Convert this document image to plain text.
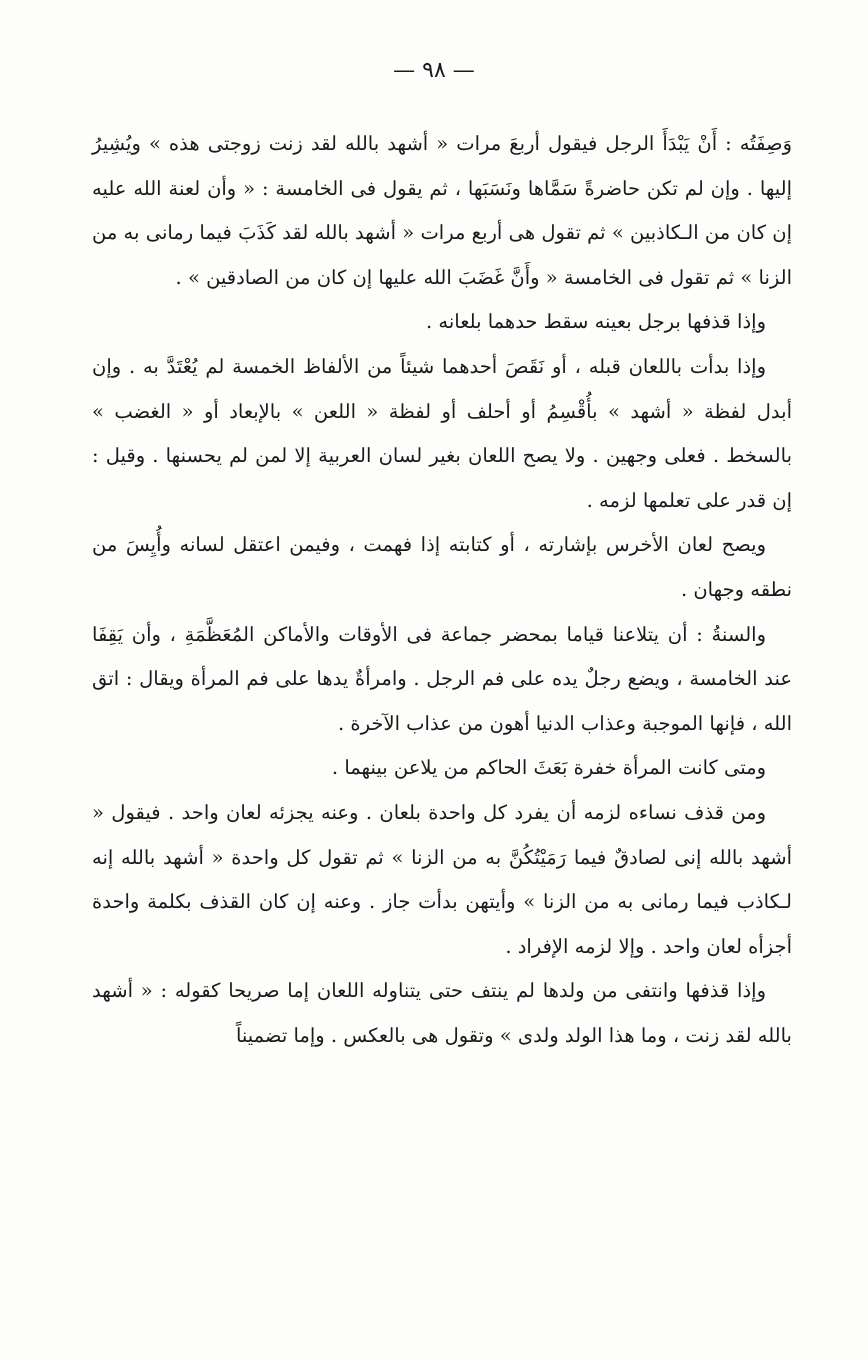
— ٩٨ —

وَصِفَتُه : أَنْ يَبْدَأَ الرجل فيقول أربعَ مرات « أشهد بالله لقد زنت زوجتى هذه » ويُشِيرُ إليها . وإن لم تكن حاضرةً سَمَّاها ونَسَبَها ، ثم يقول فى الخامسة : « وأن لعنة الله عليه إن كان من الـكاذبين » ثم تقول هى أربع مرات « أشهد بالله لقد كَذَبَ فيما رمانى به من الزنا » ثم تقول فى الخامسة « وأَنَّ غَضَبَ الله عليها إن كان من الصادقين » .

وإذا قذفها برجل بعينه سقط حدهما بلعانه .

وإذا بدأت باللعان قبله ، أو نَقَصَ أحدهما شيئاً من الألفاظ الخمسة لم يُعْتَدَّ به . وإن أبدل لفظة « أشهد » بأُقْسِمُ أو أحلف أو لفظة « اللعن » بالإبعاد أو « الغضب » بالسخط . فعلى وجهين . ولا يصح اللعان بغير لسان العربية إلا لمن لم يحسنها . وقيل : إن قدر على تعلمها لزمه .

ويصح لعان الأخرس بإشارته ، أو كتابته إذا فهمت ، وفيمن اعتقل لسانه وأُيِسَ من نطقه وجهان .

والسنةُ : أن يتلاعنا قياما بمحضر جماعة فى الأوقات والأماكن المُعَظَّمَةِ ، وأن يَقِفَا عند الخامسة ، ويضع رجلٌ يده على فم الرجل . وامرأةٌ يدها على فم المرأة ويقال : اتق الله ، فإنها الموجبة وعذاب الدنيا أهون من عذاب الآخرة .

ومتى كانت المرأة خفرة بَعَثَ الحاكم من يلاعن بينهما .

ومن قذف نساءه لزمه أن يفرد كل واحدة بلعان . وعنه يجزئه لعان واحد . فيقول « أشهد بالله إنى لصادقٌ فيما رَمَيْتُكُنَّ به من الزنا » ثم تقول كل واحدة « أشهد بالله إنه لـكاذب فيما رمانى به من الزنا » وأيتهن بدأت جاز . وعنه إن كان القذف بكلمة واحدة أجزأه لعان واحد . وإلا لزمه الإفراد .

وإذا قذفها وانتفى من ولدها لم ينتف حتى يتناوله اللعان إما صريحا كقوله : « أشهد بالله لقد زنت ، وما هذا الولد ولدى » وتقول هى بالعكس . وإما تضميناً
